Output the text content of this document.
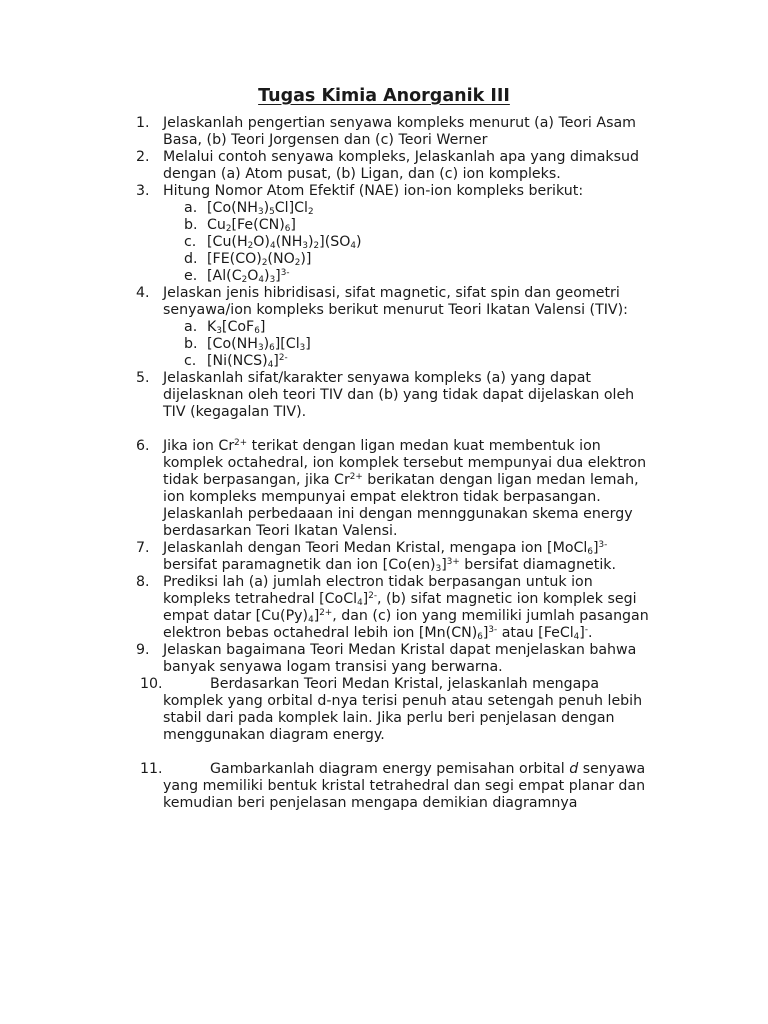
Tugas Kimia Anorganik III
1. Jelaskanlah pengertian senyawa kompleks menurut (a) Teori Asam Basa, (b) Teori Jorgensen dan (c) Teori Werner
2. Melalui contoh senyawa kompleks, Jelaskanlah apa yang dimaksud dengan (a) Atom pusat, (b) Ligan, dan (c) ion kompleks.
3. Hitung Nomor Atom Efektif (NAE) ion-ion kompleks berikut:
a. $[Co(NH_3)_5Cl]Cl_2$
b. $Cu_2[Fe(CN)_6]$
c. $[Cu(H_2O)_4(NH_3)_2](SO_4)$
d. $[FE(CO)_2(NO_2)]$
e. $[Al(C_2O_4)_3]^{3-}$
4. Jelaskan jenis hibridisasi, sifat magnetic, sifat spin dan geometri senyawa/ion kompleks berikut menurut Teori Ikatan Valensi (TIV):
a. $K_3[CoF_6]$
b. $[Co(NH_3)_6][Cl_3]$
c. $[Ni(NCS)_4]^{2-}$
5. Jelaskanlah sifat/karakter senyawa kompleks (a) yang dapat dijelasknan oleh teori TIV dan (b) yang tidak dapat dijelaskan oleh TIV (kegagalan TIV).
6. Jika ion $Cr^{2+}$ terikat dengan ligan medan kuat membentuk ion komplek octahedral, ion komplek tersebut mempunyai dua elektron tidak berpasangan, jika $Cr^{2+}$ berikatan dengan ligan medan lemah, ion kompleks mempunyai empat elektron tidak berpasangan. Jelaskanlah perbedaaan ini dengan mennggunakan skema energy berdasarkan Teori Ikatan Valensi.
7. Jelaskanlah dengan Teori Medan Kristal, mengapa ion [MoCl$_6$]$^{3-}$ bersifat paramagnetik dan ion $[Co(en)_3]^{3+}$ bersifat diamagnetik.
8. Prediksi lah (a) jumlah electron tidak berpasangan untuk ion kompleks tetrahedral [CoCl$_4$]$^{2-}$, (b) sifat magnetic ion komplek segi empat datar $[Cu(Py)_4]^{2+}$, dan (c) ion yang memiliki jumlah pasangan elektron bebas octahedral lebih ion $[Mn(CN)_6]^{3-}$ atau [FeCl$_4$]-.
9. Jelaskan bagaimana Teori Medan Kristal dapat menjelaskan bahwa banyak senyawa logam transisi yang berwarna.
10.	Berdasarkan Teori Medan Kristal, jelaskanlah mengapa komplek yang orbital d-nya terisi penuh atau setengah penuh lebih stabil dari pada komplek lain. Jika perlu beri penjelasan dengan menggunakan diagram energy.
11.	Gambarkanlah diagram energy pemisahan orbital d senyawa yang memiliki bentuk kristal tetrahedral dan segi empat planar dan kemudian beri penjelasan mengapa demikian diagramnya
